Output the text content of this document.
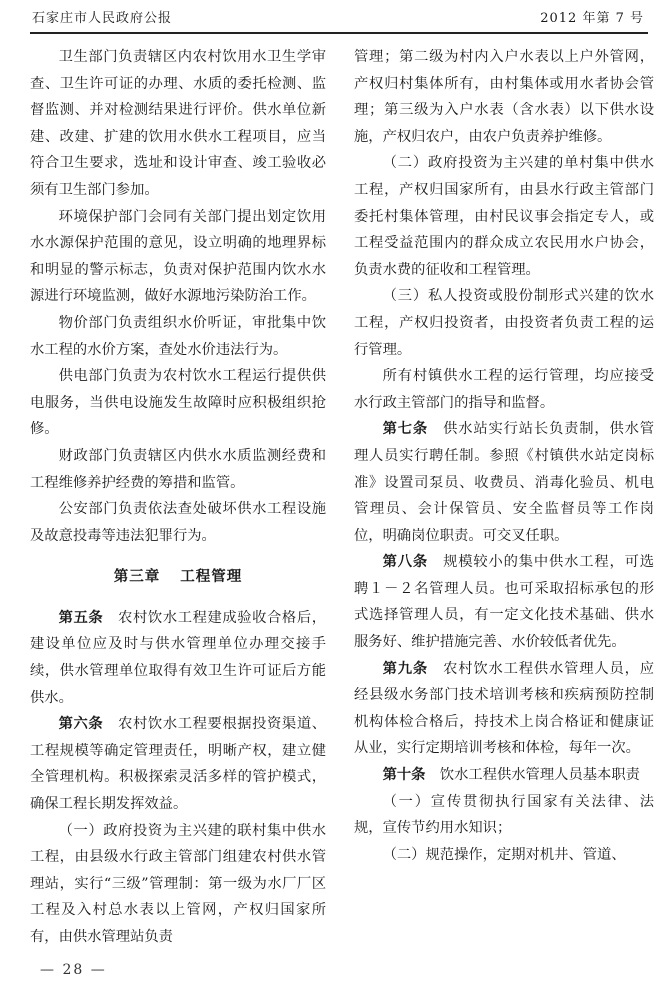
石家庄市人民政府公报	2012 年第 7 号

卫生部门负责辖区内农村饮用水卫生学审查、卫生许可证的办理、水质的委托检测、监督监测、并对检测结果进行评价。供水单位新建、改建、扩建的饮用水供水工程项目，应当符合卫生要求，选址和设计审查、竣工验收必须有卫生部门参加。

环境保护部门会同有关部门提出划定饮用水水源保护范围的意见，设立明确的地理界标和明显的警示标志，负责对保护范围内饮水水源进行环境监测，做好水源地污染防治工作。

物价部门负责组织水价听证，审批集中饮水工程的水价方案，查处水价违法行为。

供电部门负责为农村饮水工程运行提供供电服务，当供电设施发生故障时应积极组织抢修。

财政部门负责辖区内供水水质监测经费和工程维修养护经费的筹措和监管。

公安部门负责依法查处破坏供水工程设施及故意投毒等违法犯罪行为。

第三章 工程管理

第五条　 农村饮水工程建成验收合格后，建设单位应及时与供水管理单位办理交接手续，供水管理单位取得有效卫生许可证后方能供水。

第六条　 农村饮水工程要根据投资渠道、工程规模等确定管理责任，明晰产权，建立健全管理机构。积极探索灵活多样的管护模式，确保工程长期发挥效益。

（一）政府投资为主兴建的联村集中供水工程，由县级水行政主管部门组建农村供水管理站，实行“三级”管理制：第一级为水厂厂区工程及入村总水表以上管网，产权归国家所有，由供水管理站负责

管理；第二级为村内入户水表以上户外管网，产权归村集体所有，由村集体或用水者协会管理；第三级为入户水表（含水表）以下供水设施，产权归农户，由农户负责养护维修。

（二）政府投资为主兴建的单村集中供水工程，产权归国家所有，由县水行政主管部门委托村集体管理，由村民议事会指定专人，或工程受益范围内的群众成立农民用水户协会，负责水费的征收和工程管理。

（三）私人投资或股份制形式兴建的饮水工程，产权归投资者，由投资者负责工程的运行管理。

所有村镇供水工程的运行管理，均应接受水行政主管部门的指导和监督。

第七条　 供水站实行站长负责制，供水管理人员实行聘任制。参照《村镇供水站定岗标准》设置司泵员、收费员、消毒化验员、机电管理员、会计保管员、安全监督员等工作岗位，明确岗位职责。可交叉任职。

第八条　 规模较小的集中供水工程，可选聘１－２名管理人员。也可采取招标承包的形式选择管理人员，有一定文化技术基础、供水服务好、维护措施完善、水价较低者优先。

第九条　 农村饮水工程供水管理人员，应经县级水务部门技术培训考核和疾病预防控制机构体检合格后，持技术上岗合格证和健康证从业，实行定期培训考核和体检，每年一次。

第十条　 饮水工程供水管理人员基本职责

（一）宣传贯彻执行国家有关法律、法规，宣传节约用水知识；

（二）规范操作，定期对机井、管道、

— 28 —
